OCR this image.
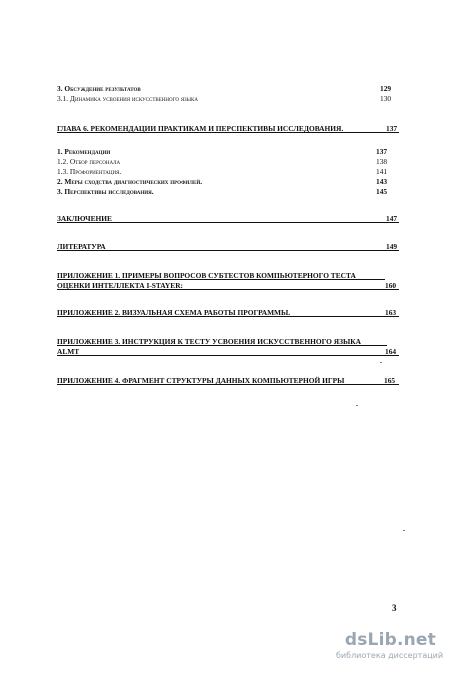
3. Обсуждение результатов	129
3.1. Динамика усвоения искусственного языка	130
ГЛАВА 6. РЕКОМЕНДАЦИИ ПРАКТИКАМ И ПЕРСПЕКТИВЫ ИССЛЕДОВАНИЯ.	137
1. Рекомендации	137
1.2. Отбор персонала	138
1.3. Профориентация.	141
2. Меры сходства диагностических профилей.	143
3. Перспективы исследования.	145
ЗАКЛЮЧЕНИЕ	147
ЛИТЕРАТУРА	149
ПРИЛОЖЕНИЕ 1. ПРИМЕРЫ ВОПРОСОВ СУБТЕСТОВ КОМПЬЮТЕРНОГО ТЕСТА
ОЦЕНКИ ИНТЕЛЛЕКТА I-STAYER:	160
ПРИЛОЖЕНИЕ 2. ВИЗУАЛЬНАЯ СХЕМА РАБОТЫ ПРОГРАММЫ.	163
ПРИЛОЖЕНИЕ 3. ИНСТРУКЦИЯ К ТЕСТУ УСВОЕНИЯ ИСКУССТВЕННОГО ЯЗЫКА
ALMT	164
ПРИЛОЖЕНИЕ 4. ФРАГМЕНТ СТРУКТУРЫ ДАННЫХ КОМПЬЮТЕРНОЙ ИГРЫ	165
3
dsLib.net
библиотека диссертаций
